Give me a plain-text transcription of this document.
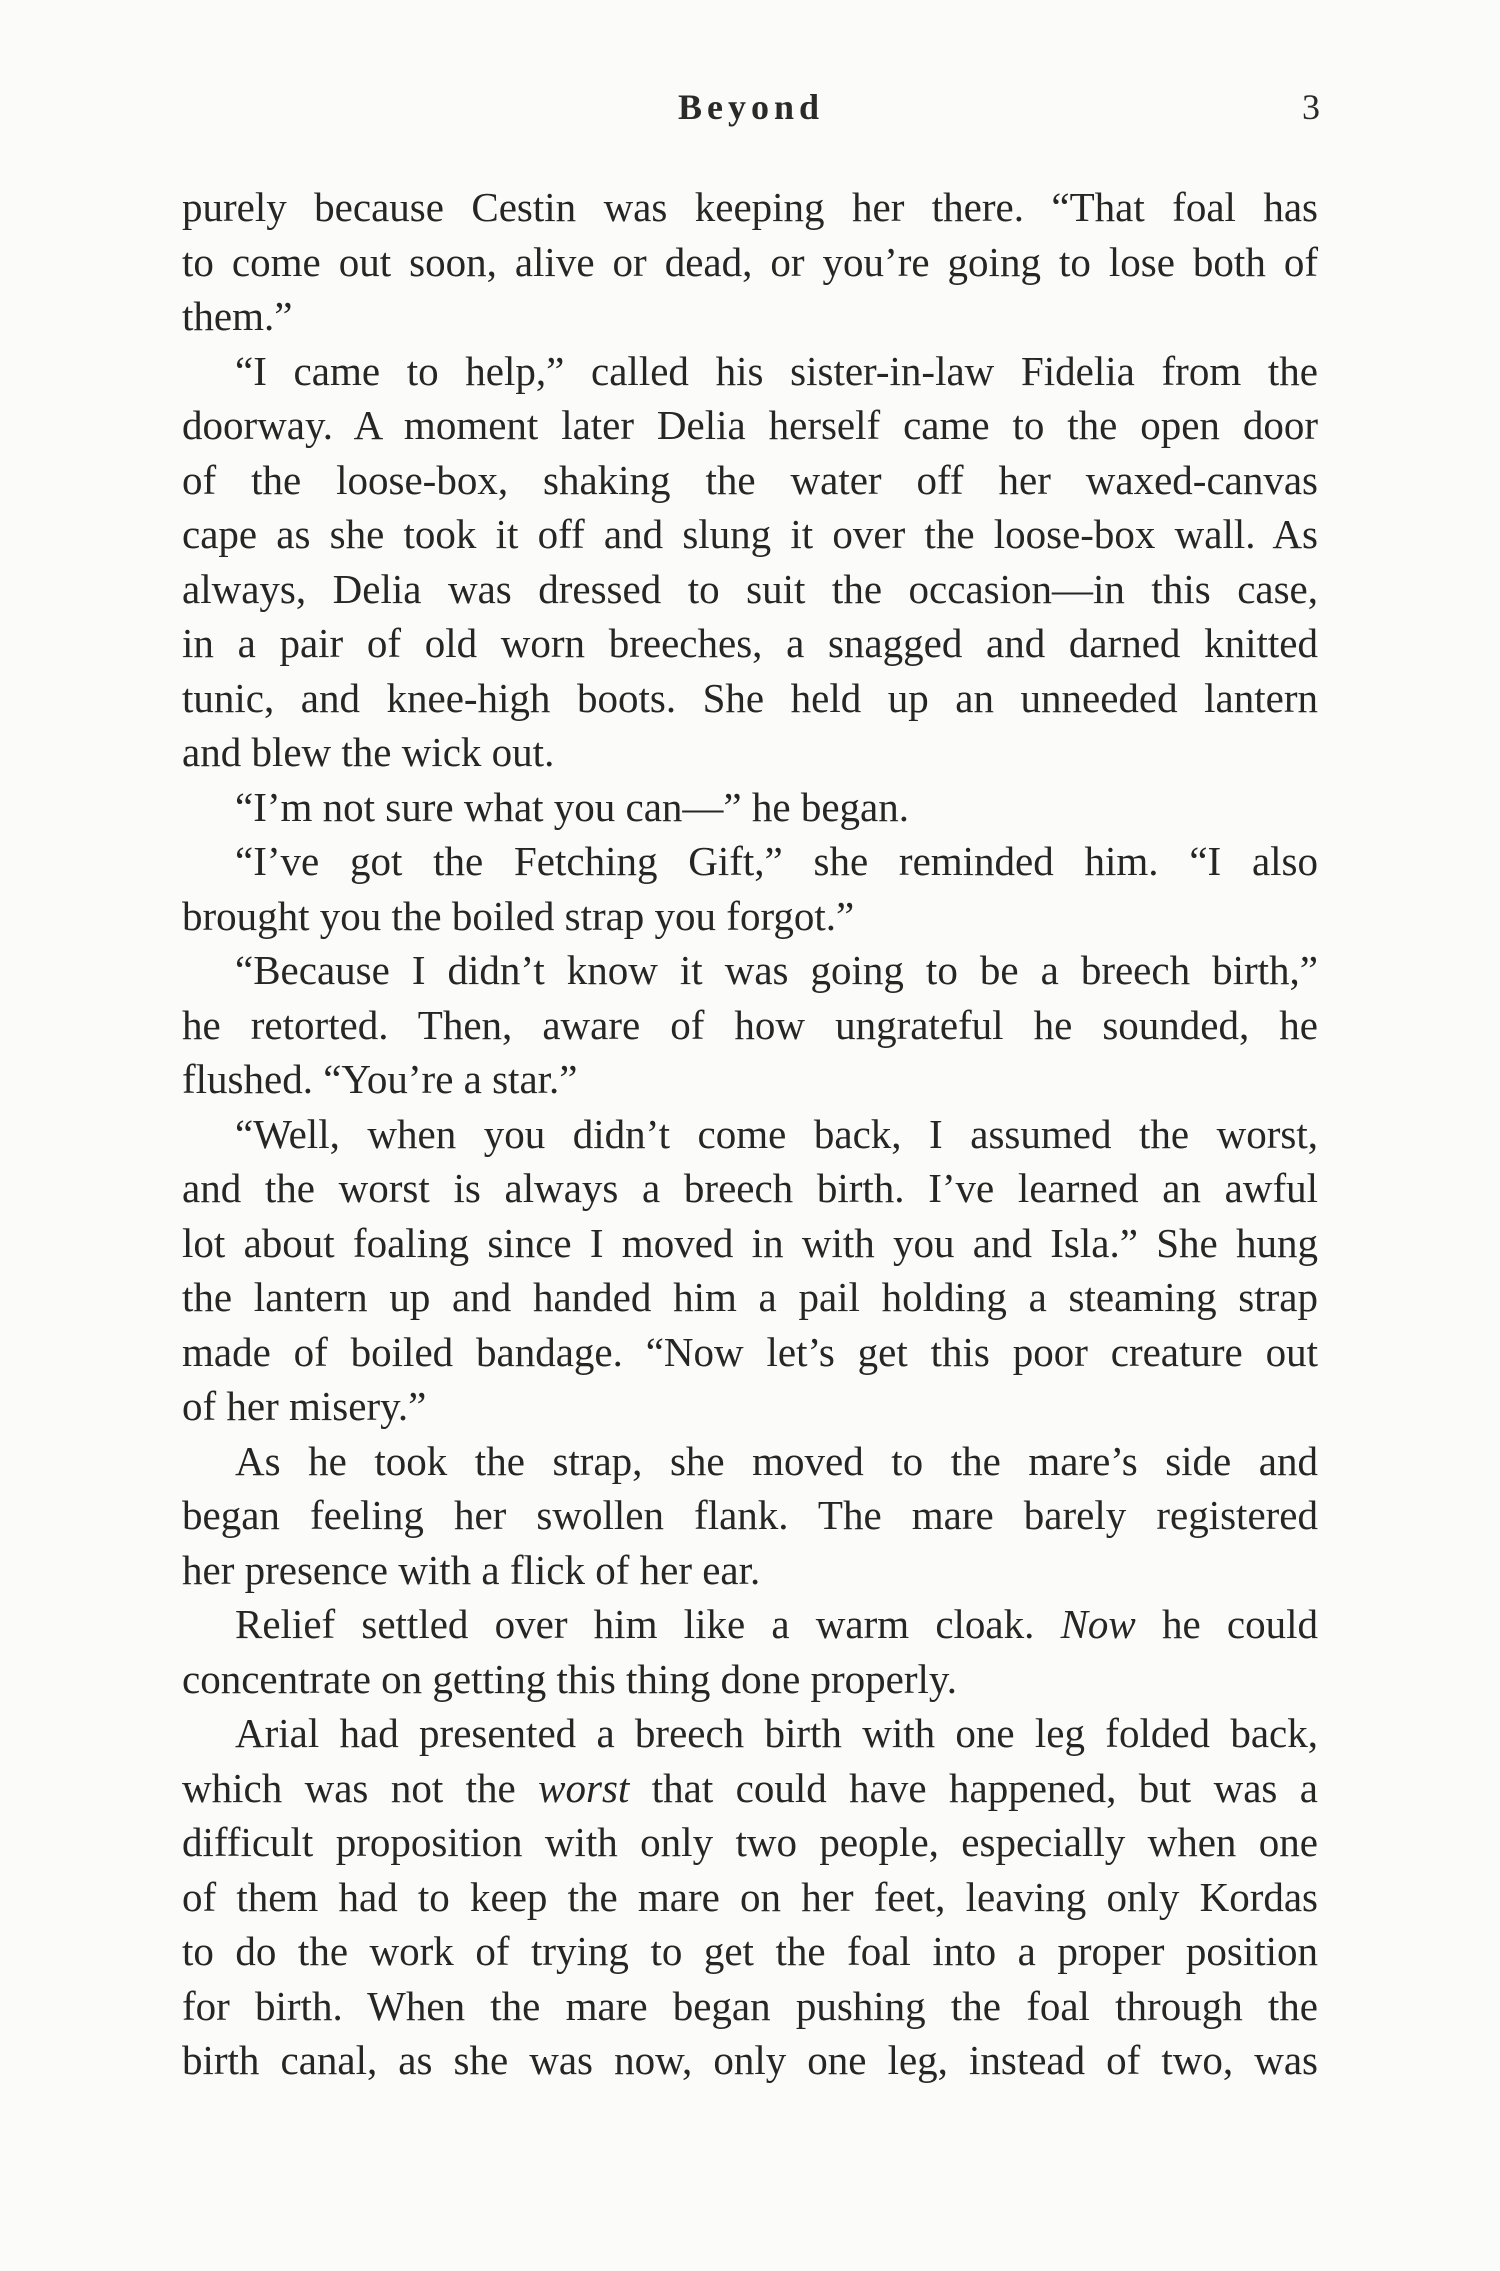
Beyond	3
purely because Cestin was keeping her there. “That foal has
to come out soon, alive or dead, or you’re going to lose both of
them.”
“I came to help,” called his sister-in-law Fidelia from the
doorway. A moment later Delia herself came to the open door
of the loose-box, shaking the water off her waxed-canvas
cape as she took it off and slung it over the loose-box wall. As
always, Delia was dressed to suit the occasion—in this case,
in a pair of old worn breeches, a snagged and darned knitted
tunic, and knee-high boots. She held up an unneeded lantern
and blew the wick out.
“I’m not sure what you can—” he began.
“I’ve got the Fetching Gift,” she reminded him. “I also
brought you the boiled strap you forgot.”
“Because I didn’t know it was going to be a breech birth,”
he retorted. Then, aware of how ungrateful he sounded, he
flushed. “You’re a star.”
“Well, when you didn’t come back, I assumed the worst,
and the worst is always a breech birth. I’ve learned an awful
lot about foaling since I moved in with you and Isla.” She hung
the lantern up and handed him a pail holding a steaming strap
made of boiled bandage. “Now let’s get this poor creature out
of her misery.”
As he took the strap, she moved to the mare’s side and
began feeling her swollen flank. The mare barely registered
her presence with a flick of her ear.
Relief settled over him like a warm cloak. Now he could
concentrate on getting this thing done properly.
Arial had presented a breech birth with one leg folded back,
which was not the worst that could have happened, but was a
difficult proposition with only two people, especially when one
of them had to keep the mare on her feet, leaving only Kordas
to do the work of trying to get the foal into a proper position
for birth. When the mare began pushing the foal through the
birth canal, as she was now, only one leg, instead of two, was
